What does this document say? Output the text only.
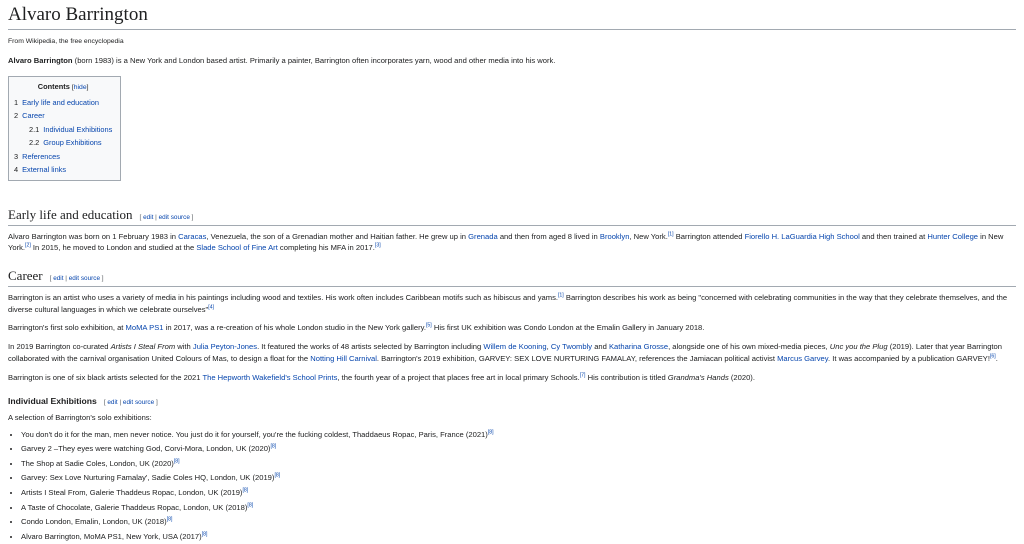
Alvaro Barrington
From Wikipedia, the free encyclopedia

Alvaro Barrington (born 1983) is a New York and London based artist. Primarily a painter, Barrington often incorporates yarn, wood and other media into his work.

Contents [hide]
1 Early life and education
2 Career
2.1 Individual Exhibitions
2.2 Group Exhibitions
3 References
4 External links
Early life and education [ edit | edit source ]

Alvaro Barrington was born on 1 February 1983 in Caracas, Venezuela, the son of a Grenadian mother and Haitian father. He grew up in Grenada and then from aged 8 lived in Brooklyn, New York.[1] Barrington attended Fiorello H. LaGuardia High School and then trained at Hunter College in New York.[2] In 2015, he moved to London and studied at the Slade School of Fine Art completing his MFA in 2017.[3]

Career [ edit | edit source ]

Barrington is an artist who uses a variety of media in his paintings including wood and textiles. His work often includes Caribbean motifs such as hibiscus and yams.[1] Barrington describes his work as being "concerned with celebrating communities in the way that they celebrate themselves, and the diverse cultural languages in which we celebrate ourselves"[4]

Barrington's first solo exhibition, at MoMA PS1 in 2017, was a re-creation of his whole London studio in the New York gallery.[5] His first UK exhibition was Condo London at the Emalin Gallery in January 2018.

In 2019 Barrington co-curated Artists I Steal From with Julia Peyton-Jones. It featured the works of 48 artists selected by Barrington including Willem de Kooning, Cy Twombly and Katharina Grosse, alongside one of his own mixed-media pieces, Unc you the Plug (2019). Later that year Barrington collaborated with the carnival organisation United Colours of Mas, to design a float for the Notting Hill Carnival. Barrington's 2019 exhibition, GARVEY: SEX LOVE NURTURING FAMALAY, references the Jamiacan political activist Marcus Garvey. It was accompanied by a publication GARVEY![6].

Barrington is one of six black artists selected for the 2021 The Hepworth Wakefield's School Prints, the fourth year of a project that places free art in local primary Schools.[7] His contribution is titled Grandma's Hands (2020).

Individual Exhibitions [ edit | edit source ]

A selection of Barrington's solo exhibitions:

• You don't do it for the man, men never notice. You just do it for yourself, you're the fucking coldest, Thaddaeus Ropac, Paris, France (2021)[8]
• Garvey 2 –They eyes were watching God, Corvi-Mora, London, UK (2020)[8]
• The Shop at Sadie Coles, London, UK (2020)[8]
• Garvey: Sex Love Nurturing Famalay', Sadie Coles HQ, London, UK (2019)[8]
• Artists I Steal From, Galerie Thaddeus Ropac, London, UK (2019)[8]
• A Taste of Chocolate, Galerie Thaddeus Ropac, London, UK (2018)[8]
• Condo London, Emalin, London, UK (2018)[8]
• Alvaro Barrington, MoMA PS1, New York, USA (2017)[8]
